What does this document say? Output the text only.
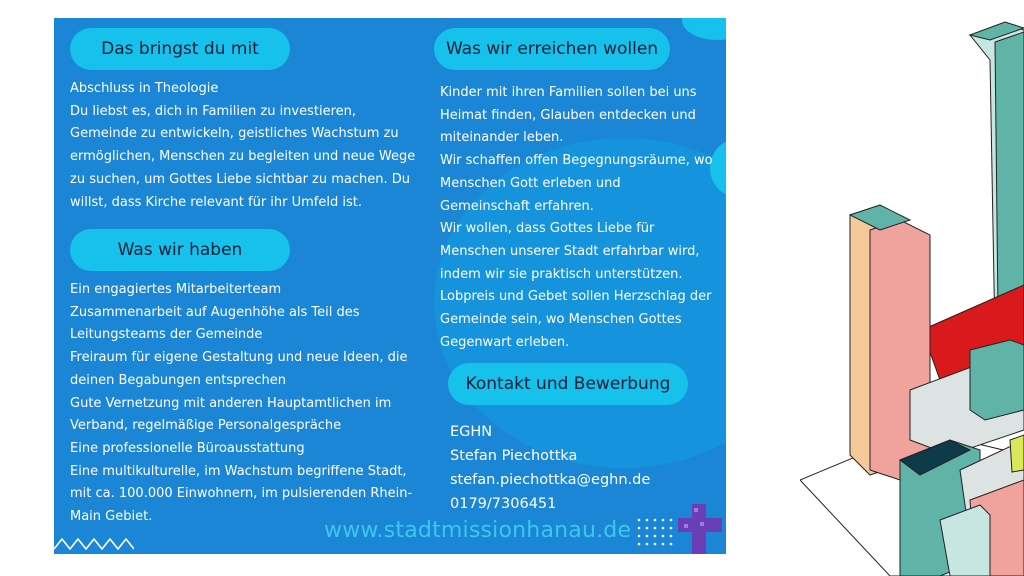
Das bringst du mit
Abschluss in Theologie
Du liebst es, dich in Familien zu investieren,
Gemeinde zu entwickeln, geistliches Wachstum zu
ermöglichen, Menschen zu begleiten und neue Wege
zu suchen, um Gottes Liebe sichtbar zu machen. Du
willst, dass Kirche relevant für ihr Umfeld ist.
Was wir haben
Ein engagiertes Mitarbeiterteam
Zusammenarbeit auf Augenhöhe als Teil des
Leitungsteams der Gemeinde
Freiraum für eigene Gestaltung und neue Ideen, die
deinen Begabungen entsprechen
Gute Vernetzung mit anderen Hauptamtlichen im
Verband, regelmäßige Personalgespräche
Eine professionelle Büroausstattung
Eine multikulturelle, im Wachstum begriffene Stadt,
mit ca. 100.000 Einwohnern, im pulsierenden Rhein-
Main Gebiet.
Was wir erreichen wollen
Kinder mit ihren Familien sollen bei uns
Heimat finden, Glauben entdecken und
miteinander leben.
Wir schaffen offen Begegnungsräume, wo
Menschen Gott erleben und
Gemeinschaft erfahren.
Wir wollen, dass Gottes Liebe für
Menschen unserer Stadt erfahrbar wird,
indem wir sie praktisch unterstützen.
Lobpreis und Gebet sollen Herzschlag der
Gemeinde sein, wo Menschen Gottes
Gegenwart erleben.
Kontakt und Bewerbung
EGHN
Stefan Piechottka
stefan.piechottka@eghn.de
0179/7306451
www.stadtmissionhanau.de
